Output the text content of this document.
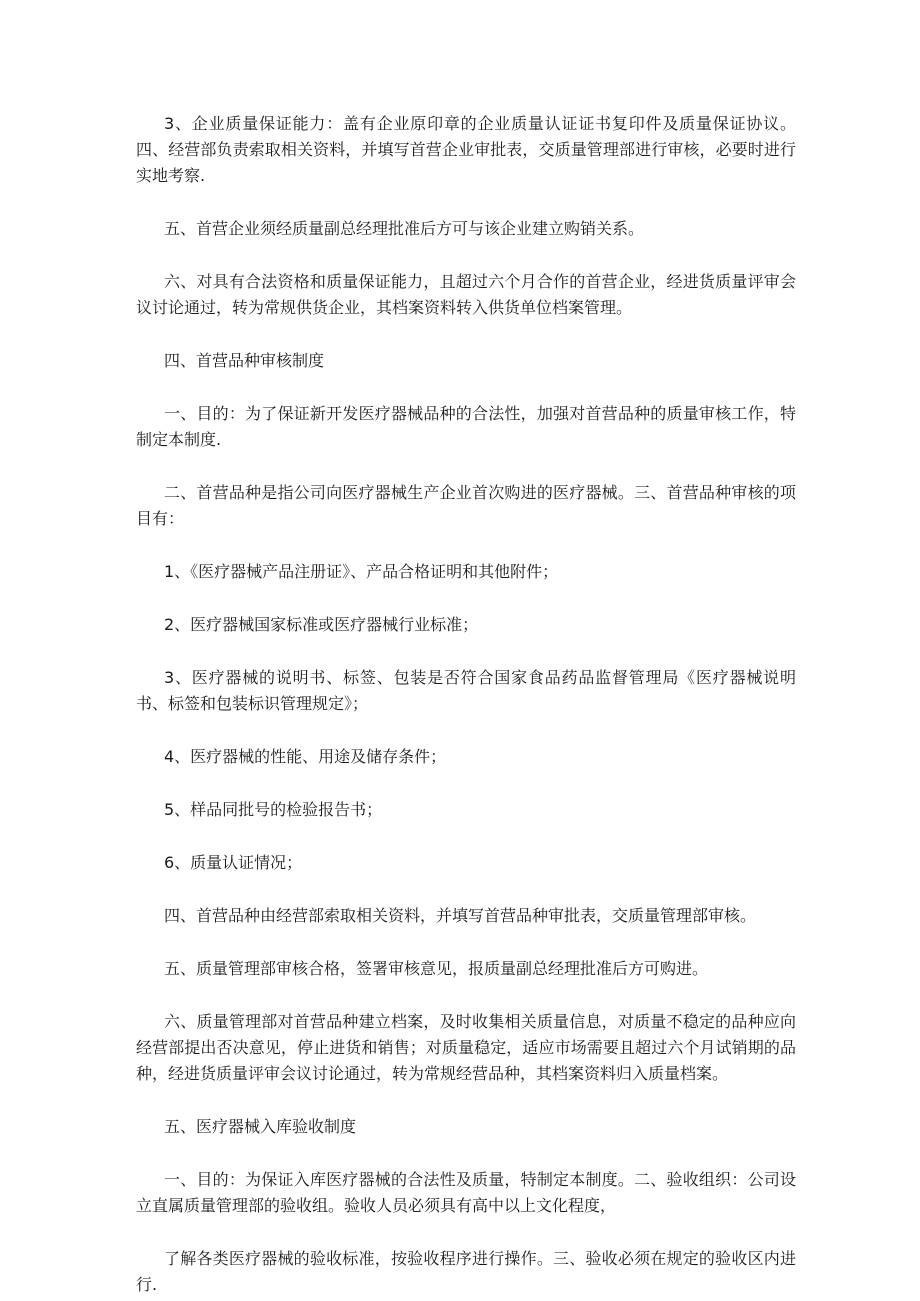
3、企业质量保证能力：盖有企业原印章的企业质量认证证书复印件及质量保证协议。四、经营部负责索取相关资料，并填写首营企业审批表，交质量管理部进行审核，必要时进行实地考察.

五、首营企业须经质量副总经理批准后方可与该企业建立购销关系。

六、对具有合法资格和质量保证能力，且超过六个月合作的首营企业，经进货质量评审会议讨论通过，转为常规供货企业，其档案资料转入供货单位档案管理。

四、首营品种审核制度

一、目的：为了保证新开发医疗器械品种的合法性，加强对首营品种的质量审核工作，特制定本制度.

二、首营品种是指公司向医疗器械生产企业首次购进的医疗器械。三、首营品种审核的项目有：

1、《医疗器械产品注册证》、产品合格证明和其他附件；

2、医疗器械国家标准或医疗器械行业标准；

3、医疗器械的说明书、标签、包装是否符合国家食品药品监督管理局《医疗器械说明书、标签和包装标识管理规定》；

4、医疗器械的性能、用途及储存条件；

5、样品同批号的检验报告书；

6、质量认证情况；

四、首营品种由经营部索取相关资料，并填写首营品种审批表，交质量管理部审核。

五、质量管理部审核合格，签署审核意见，报质量副总经理批准后方可购进。

六、质量管理部对首营品种建立档案，及时收集相关质量信息，对质量不稳定的品种应向经营部提出否决意见，停止进货和销售；对质量稳定，适应市场需要且超过六个月试销期的品种，经进货质量评审会议讨论通过，转为常规经营品种，其档案资料归入质量档案。

五、医疗器械入库验收制度

一、目的：为保证入库医疗器械的合法性及质量，特制定本制度。二、验收组织：公司设立直属质量管理部的验收组。验收人员必须具有高中以上文化程度，

了解各类医疗器械的验收标准，按验收程序进行操作。三、验收必须在规定的验收区内进行.
